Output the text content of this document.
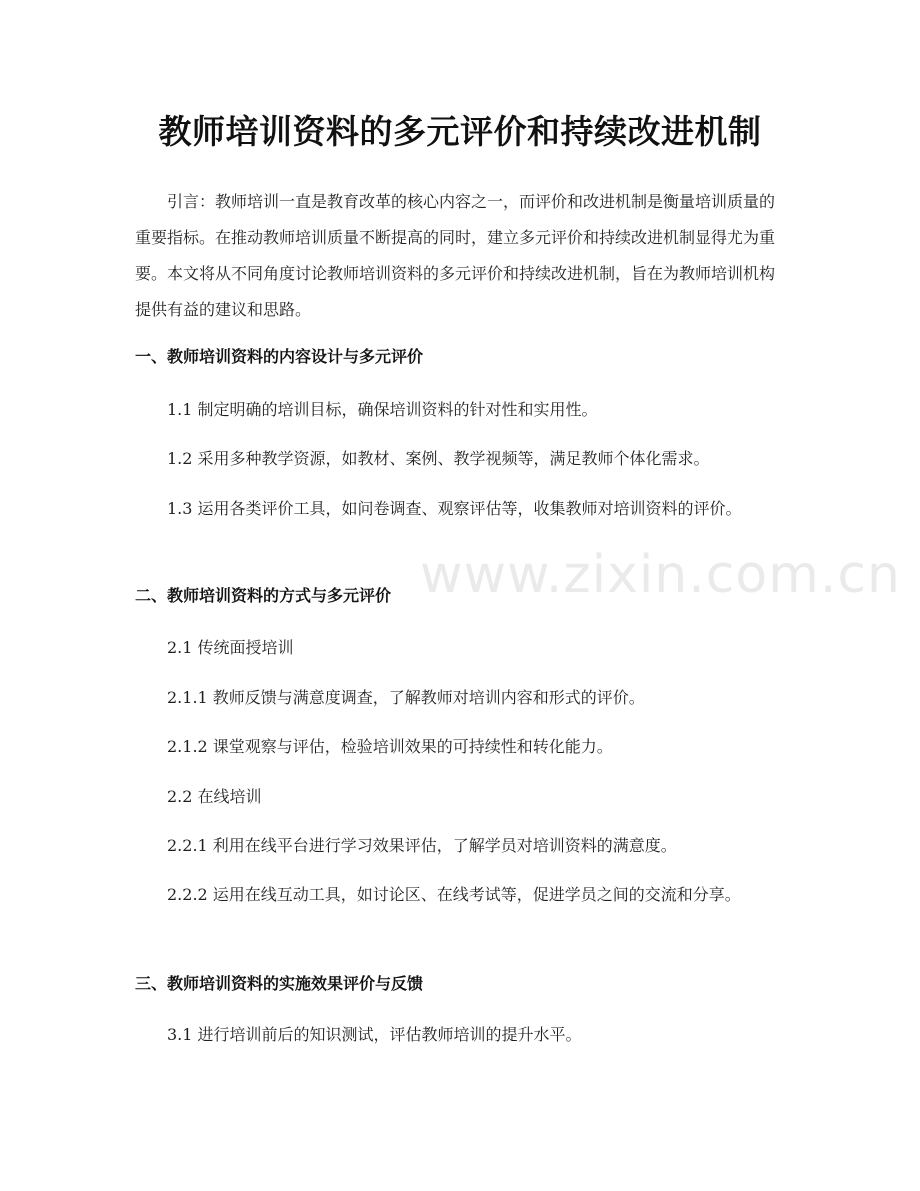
教师培训资料的多元评价和持续改进机制

引言：教师培训一直是教育改革的核心内容之一，而评价和改进机制是衡量培训质量的重要指标。在推动教师培训质量不断提高的同时，建立多元评价和持续改进机制显得尤为重要。本文将从不同角度讨论教师培训资料的多元评价和持续改进机制，旨在为教师培训机构提供有益的建议和思路。

一、教师培训资料的内容设计与多元评价

1.1 制定明确的培训目标，确保培训资料的针对性和实用性。

1.2 采用多种教学资源，如教材、案例、教学视频等，满足教师个体化需求。

1.3 运用各类评价工具，如问卷调查、观察评估等，收集教师对培训资料的评价。

二、教师培训资料的方式与多元评价

2.1 传统面授培训

2.1.1 教师反馈与满意度调查，了解教师对培训内容和形式的评价。

2.1.2 课堂观察与评估，检验培训效果的可持续性和转化能力。

2.2 在线培训

2.2.1 利用在线平台进行学习效果评估，了解学员对培训资料的满意度。

2.2.2 运用在线互动工具，如讨论区、在线考试等，促进学员之间的交流和分享。

三、教师培训资料的实施效果评价与反馈

3.1 进行培训前后的知识测试，评估教师培训的提升水平。

www.zixin.com.cn
